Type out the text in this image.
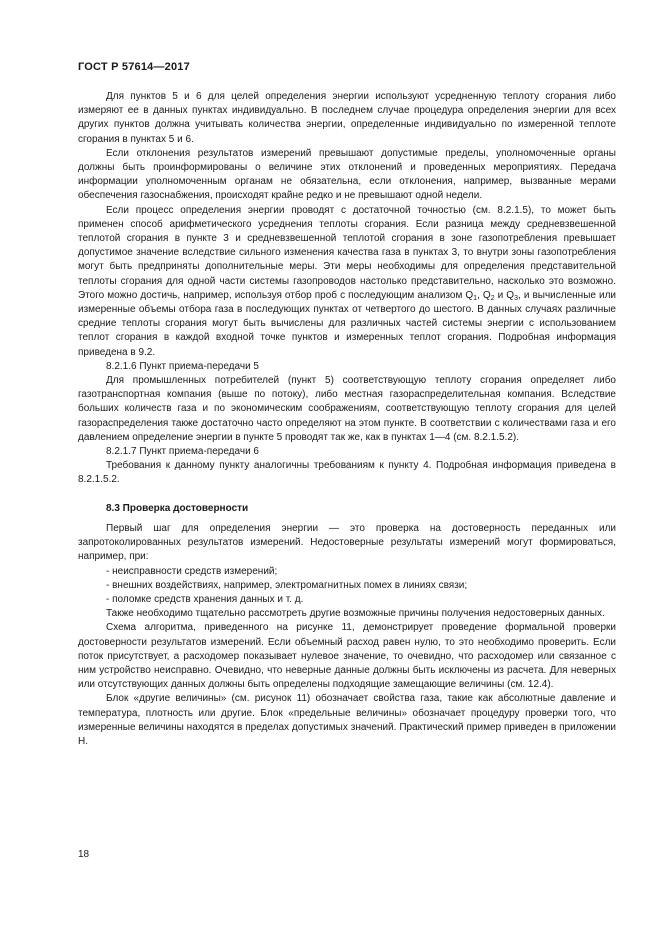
ГОСТ Р 57614—2017

Для пунктов 5 и 6 для целей определения энергии используют усредненную теплоту сгорания либо измеряют ее в данных пунктах индивидуально. В последнем случае процедура определения энергии для всех других пунктов должна учитывать количества энергии, определенные индивидуально по измеренной теплоте сгорания в пунктах 5 и 6.

Если отклонения результатов измерений превышают допустимые пределы, уполномоченные органы должны быть проинформированы о величине этих отклонений и проведенных мероприятиях. Передача информации уполномоченным органам не обязательна, если отклонения, например, вызванные мерами обеспечения газоснабжения, происходят крайне редко и не превышают одной недели.

Если процесс определения энергии проводят с достаточной точностью (см. 8.2.1.5), то может быть применен способ арифметического усреднения теплоты сгорания. Если разница между средневзвешенной теплотой сгорания в пункте 3 и средневзвешенной теплотой сгорания в зоне газопотребления превышает допустимое значение вследствие сильного изменения качества газа в пунктах 3, то внутри зоны газопотребления могут быть предприняты дополнительные меры. Эти меры необходимы для определения представительной теплоты сгорания для одной части системы газопроводов настолько представительно, насколько это возможно. Этого можно достичь, например, используя отбор проб с последующим анализом $Q_1$, $Q_2$ и $Q_3$, и вычисленные или измеренные объемы отбора газа в последующих пунктах от четвертого до шестого. В данных случаях различные средние теплоты сгорания могут быть вычислены для различных частей системы энергии с использованием теплот сгорания в каждой входной точке пунктов и измеренных теплот сгорания. Подробная информация приведена в 9.2.

8.2.1.6 Пункт приема-передачи 5

Для промышленных потребителей (пункт 5) соответствующую теплоту сгорания определяет либо газотранспортная компания (выше по потоку), либо местная газораспределительная компания. Вследствие больших количеств газа и по экономическим соображениям, соответствующую теплоту сгорания для целей газораспределения также достаточно часто определяют на этом пункте. В соответствии с количествами газа и его давлением определение энергии в пункте 5 проводят так же, как в пунктах 1—4 (см. 8.2.1.5.2).

8.2.1.7 Пункт приема-передачи 6

Требования к данному пункту аналогичны требованиям к пункту 4. Подробная информация приведена в 8.2.1.5.2.

8.3 Проверка достоверности

Первый шаг для определения энергии — это проверка на достоверность переданных или запротоколированных результатов измерений. Недостоверные результаты измерений могут формироваться, например, при:

- неисправности средств измерений;

- внешних воздействиях, например, электромагнитных помех в линиях связи;

- поломке средств хранения данных и т. д.

Также необходимо тщательно рассмотреть другие возможные причины получения недостоверных данных.

Схема алгоритма, приведенного на рисунке 11, демонстрирует проведение формальной проверки достоверности результатов измерений. Если объемный расход равен нулю, то это необходимо проверить. Если поток присутствует, а расходомер показывает нулевое значение, то очевидно, что расходомер или связанное с ним устройство неисправно. Очевидно, что неверные данные должны быть исключены из расчета. Для неверных или отсутствующих данных должны быть определены подходящие замещающие величины (см. 12.4).

Блок «другие величины» (см. рисунок 11) обозначает свойства газа, такие как абсолютные давление и температура, плотность или другие. Блок «предельные величины» обозначает процедуру проверки того, что измеренные величины находятся в пределах допустимых значений. Практический пример приведен в приложении Н.

18
